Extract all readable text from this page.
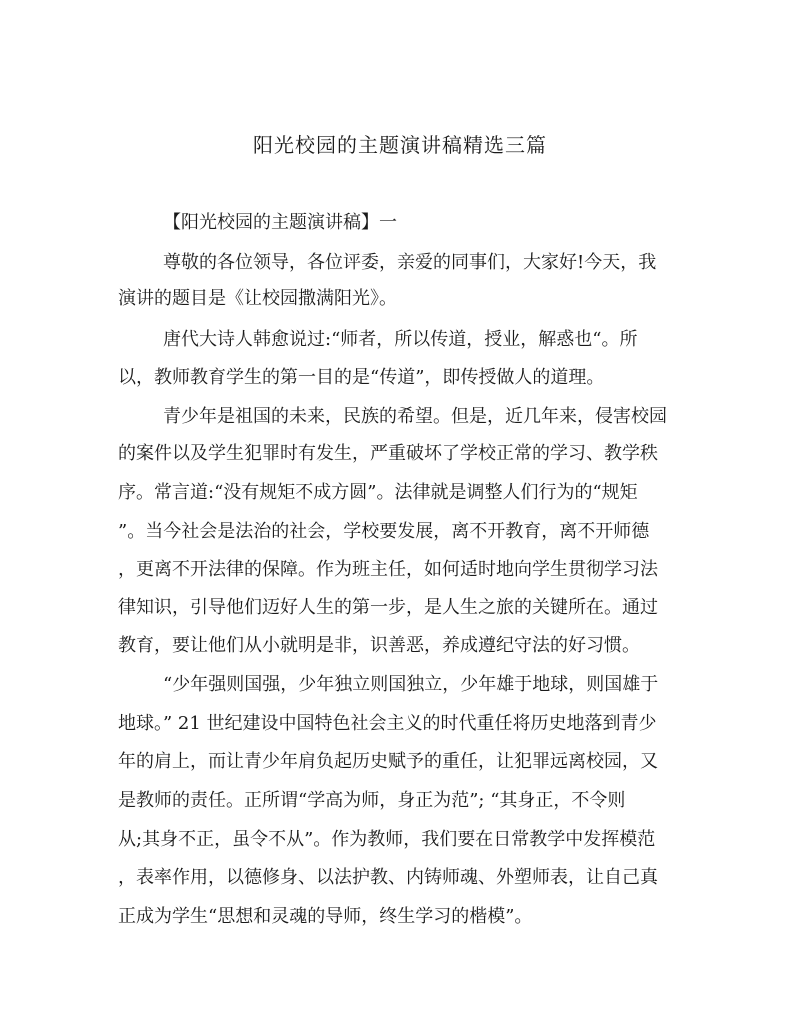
阳光校园的主题演讲稿精选三篇
【阳光校园的主题演讲稿】一

尊敬的各位领导，各位评委，亲爱的同事们，大家好!今天，我

演讲的题目是《让校园撒满阳光》。

唐代大诗人韩愈说过:“师者，所以传道，授业，解惑也“。所

以，教师教育学生的第一目的是“传道”，即传授做人的道理。

青少年是祖国的未来，民族的希望。但是，近几年来，侵害校园

的案件以及学生犯罪时有发生，严重破坏了学校正常的学习、教学秩

序。常言道:“没有规矩不成方圆”。法律就是调整人们行为的“规矩

”。当今社会是法治的社会，学校要发展，离不开教育，离不开师德

，更离不开法律的保障。作为班主任，如何适时地向学生贯彻学习法

律知识，引导他们迈好人生的第一步，是人生之旅的关键所在。通过

教育，要让他们从小就明是非，识善恶，养成遵纪守法的好习惯。

“少年强则国强，少年独立则国独立，少年雄于地球，则国雄于

地球。” 21 世纪建设中国特色社会主义的时代重任将历史地落到青少

年的肩上，而让青少年肩负起历史赋予的重任，让犯罪远离校园，又

是教师的责任。正所谓“学高为师，身正为范”; “其身正，不令则

从;其身不正，虽令不从”。作为教师，我们要在日常教学中发挥模范

，表率作用，以德修身、以法护教、内铸师魂、外塑师表，让自己真

正成为学生“思想和灵魂的导师，终生学习的楷模”。
